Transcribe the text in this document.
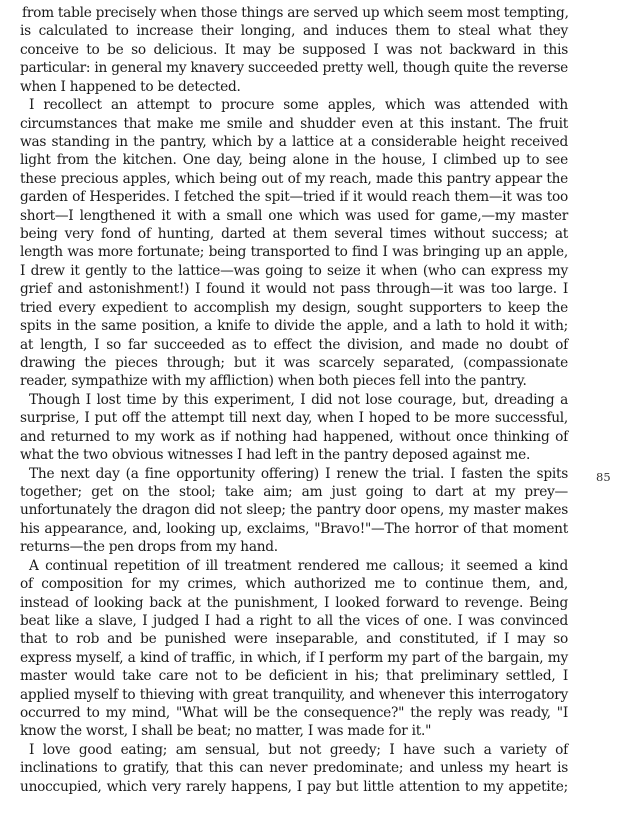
from table precisely when those things are served up which seem most tempting,
is calculated to increase their longing, and induces them to steal what they
conceive to be so delicious. It may be supposed I was not backward in this
particular: in general my knavery succeeded pretty well, though quite the reverse
when I happened to be detected.
I recollect an attempt to procure some apples, which was attended with
circumstances that make me smile and shudder even at this instant. The fruit
was standing in the pantry, which by a lattice at a considerable height received
light from the kitchen. One day, being alone in the house, I climbed up to see
these precious apples, which being out of my reach, made this pantry appear the
garden of Hesperides. I fetched the spit—tried if it would reach them—it was too
short—I lengthened it with a small one which was used for game,—my master
being very fond of hunting, darted at them several times without success; at
length was more fortunate; being transported to find I was bringing up an apple,
I drew it gently to the lattice—was going to seize it when (who can express my
grief and astonishment!) I found it would not pass through—it was too large. I
tried every expedient to accomplish my design, sought supporters to keep the
spits in the same position, a knife to divide the apple, and a lath to hold it with;
at length, I so far succeeded as to effect the division, and made no doubt of
drawing the pieces through; but it was scarcely separated, (compassionate
reader, sympathize with my affliction) when both pieces fell into the pantry.
Though I lost time by this experiment, I did not lose courage, but, dreading a
surprise, I put off the attempt till next day, when I hoped to be more successful,
and returned to my work as if nothing had happened, without once thinking of
what the two obvious witnesses I had left in the pantry deposed against me.
The next day (a fine opportunity offering) I renew the trial. I fasten the spits
together; get on the stool; take aim; am just going to dart at my prey—
unfortunately the dragon did not sleep; the pantry door opens, my master makes
his appearance, and, looking up, exclaims, "Bravo!"—The horror of that moment
returns—the pen drops from my hand.
A continual repetition of ill treatment rendered me callous; it seemed a kind
of composition for my crimes, which authorized me to continue them, and,
instead of looking back at the punishment, I looked forward to revenge. Being
beat like a slave, I judged I had a right to all the vices of one. I was convinced
that to rob and be punished were inseparable, and constituted, if I may so
express myself, a kind of traffic, in which, if I perform my part of the bargain, my
master would take care not to be deficient in his; that preliminary settled, I
applied myself to thieving with great tranquility, and whenever this interrogatory
occurred to my mind, "What will be the consequence?" the reply was ready, "I
know the worst, I shall be beat; no matter, I was made for it."
I love good eating; am sensual, but not greedy; I have such a variety of
inclinations to gratify, that this can never predominate; and unless my heart is
unoccupied, which very rarely happens, I pay but little attention to my appetite;
85
